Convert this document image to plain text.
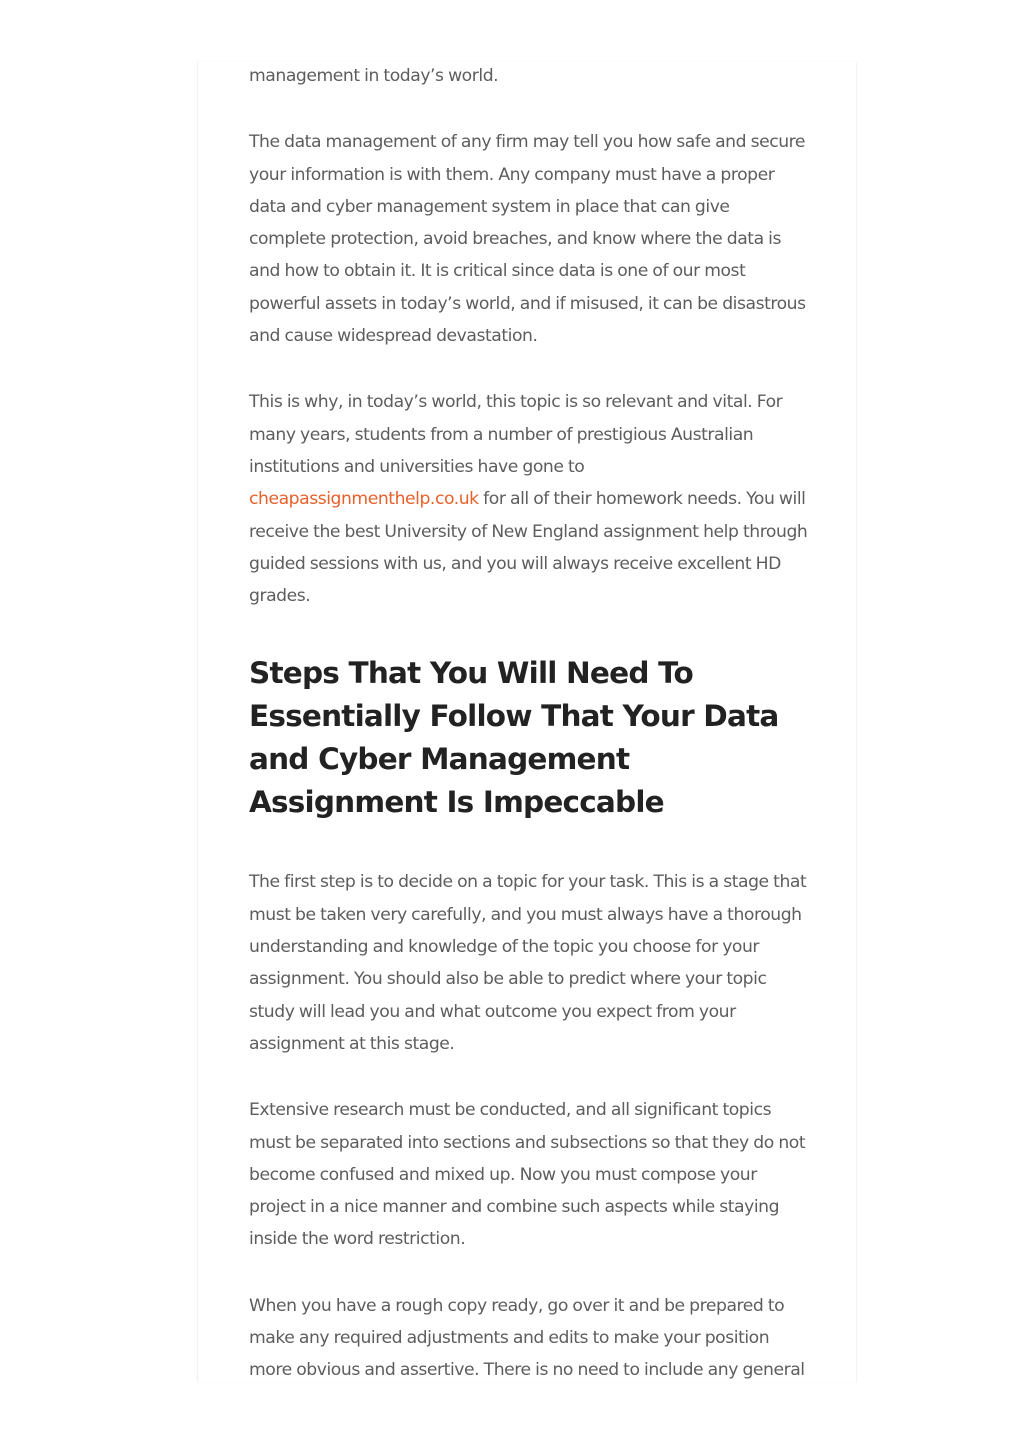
management in today’s world.

The data management of any firm may tell you how safe and secure your information is with them. Any company must have a proper data and cyber management system in place that can give complete protection, avoid breaches, and know where the data is and how to obtain it. It is critical since data is one of our most powerful assets in today’s world, and if misused, it can be disastrous and cause widespread devastation.

This is why, in today’s world, this topic is so relevant and vital. For many years, students from a number of prestigious Australian institutions and universities have gone to cheapassignmenthelp.co.uk for all of their homework needs. You will receive the best University of New England assignment help through guided sessions with us, and you will always receive excellent HD grades.

Steps That You Will Need To Essentially Follow That Your Data and Cyber Management Assignment Is Impeccable

The first step is to decide on a topic for your task. This is a stage that must be taken very carefully, and you must always have a thorough understanding and knowledge of the topic you choose for your assignment. You should also be able to predict where your topic study will lead you and what outcome you expect from your assignment at this stage.

Extensive research must be conducted, and all significant topics must be separated into sections and subsections so that they do not become confused and mixed up. Now you must compose your project in a nice manner and combine such aspects while staying inside the word restriction.

When you have a rough copy ready, go over it and be prepared to make any required adjustments and edits to make your position more obvious and assertive. There is no need to include any general
